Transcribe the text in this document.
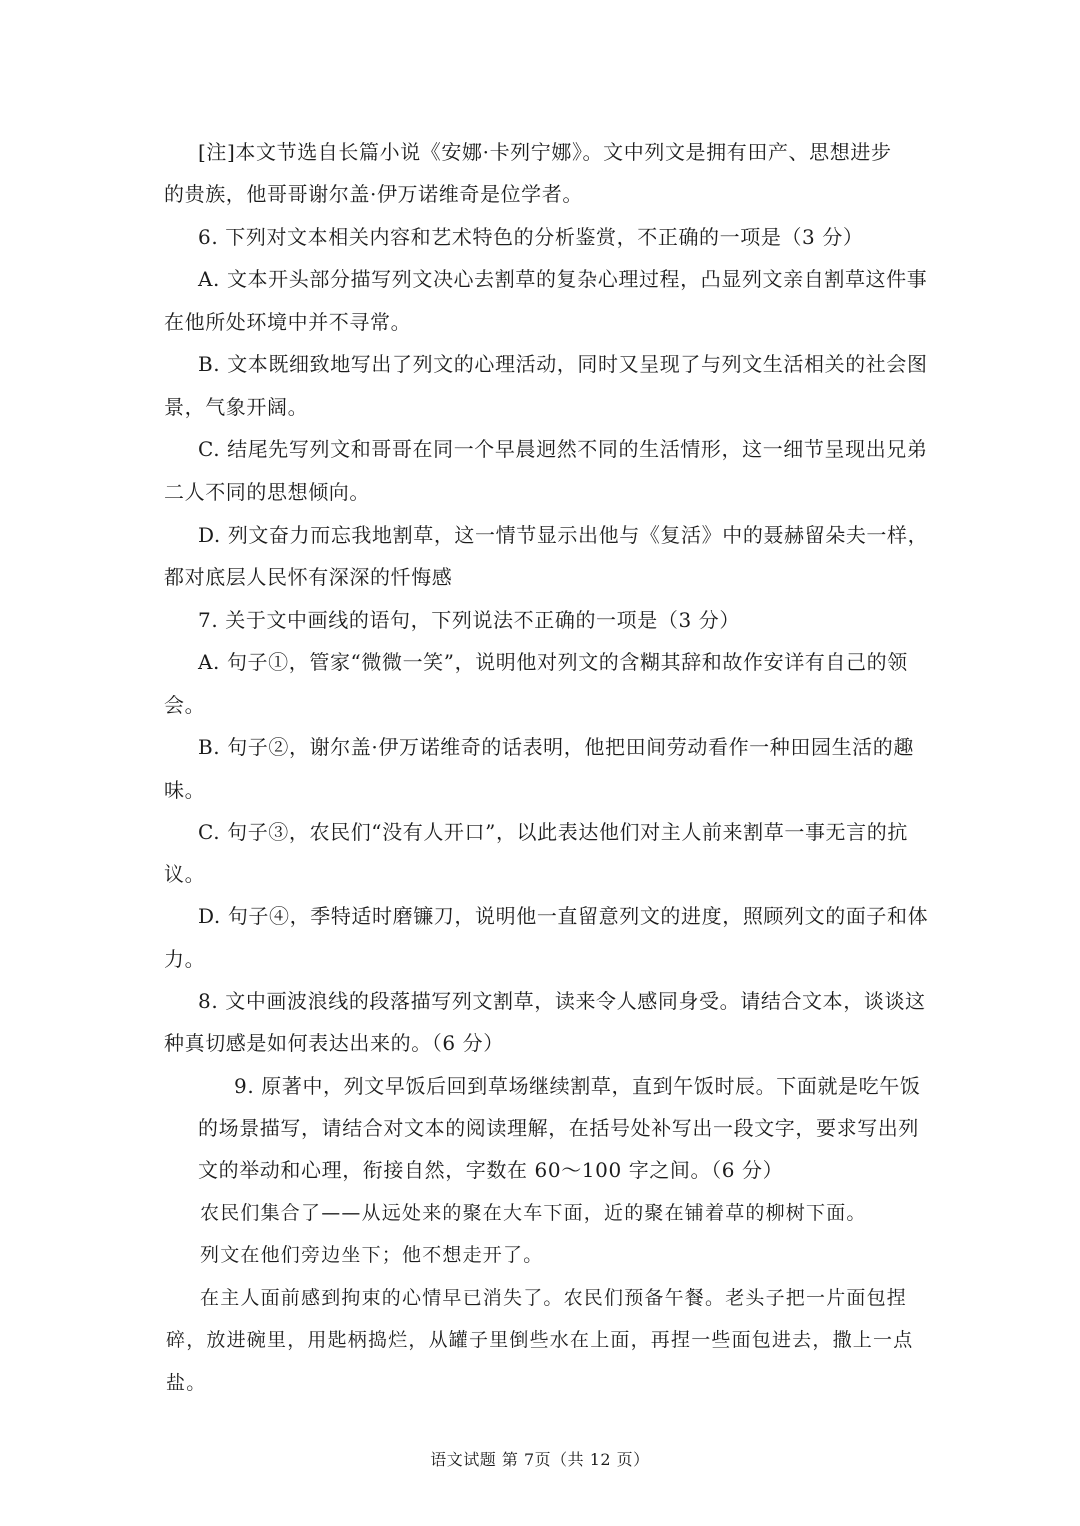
[注]本文节选自长篇小说《安娜·卡列宁娜》。文中列文是拥有田产、思想进步
的贵族，他哥哥谢尔盖·伊万诺维奇是位学者。
6. 下列对文本相关内容和艺术特色的分析鉴赏，不正确的一项是（3 分）
A. 文本开头部分描写列文决心去割草的复杂心理过程，凸显列文亲自割草这件事
在他所处环境中并不寻常。
B. 文本既细致地写出了列文的心理活动，同时又呈现了与列文生活相关的社会图
景，气象开阔。
C. 结尾先写列文和哥哥在同一个早晨迥然不同的生活情形，这一细节呈现出兄弟
二人不同的思想倾向。
D. 列文奋力而忘我地割草，这一情节显示出他与《复活》中的聂赫留朵夫一样，
都对底层人民怀有深深的忏悔感
7. 关于文中画线的语句，下列说法不正确的一项是（3 分）
A. 句子①，管家“微微一笑”，说明他对列文的含糊其辞和故作安详有自己的领
会。
B. 句子②，谢尔盖·伊万诺维奇的话表明，他把田间劳动看作一种田园生活的趣
味。
C. 句子③，农民们“没有人开口”，以此表达他们对主人前来割草一事无言的抗
议。
D. 句子④，季特适时磨镰刀，说明他一直留意列文的进度，照顾列文的面子和体
力。
8. 文中画波浪线的段落描写列文割草，读来令人感同身受。请结合文本，谈谈这
种真切感是如何表达出来的。（6 分）
9. 原著中，列文早饭后回到草场继续割草，直到午饭时辰。下面就是吃午饭
的场景描写，请结合对文本的阅读理解，在括号处补写出一段文字，要求写出列
文的举动和心理，衔接自然，字数在 60～100 字之间。（6 分）
农民们集合了——从远处来的聚在大车下面，近的聚在铺着草的柳树下面。
列文在他们旁边坐下；他不想走开了。
在主人面前感到拘束的心情早已消失了。农民们预备午餐。老头子把一片面包捏
碎，放进碗里，用匙柄捣烂，从罐子里倒些水在上面，再捏一些面包进去，撒上一点
盐。
语文试题 第 7页（共 12 页）
